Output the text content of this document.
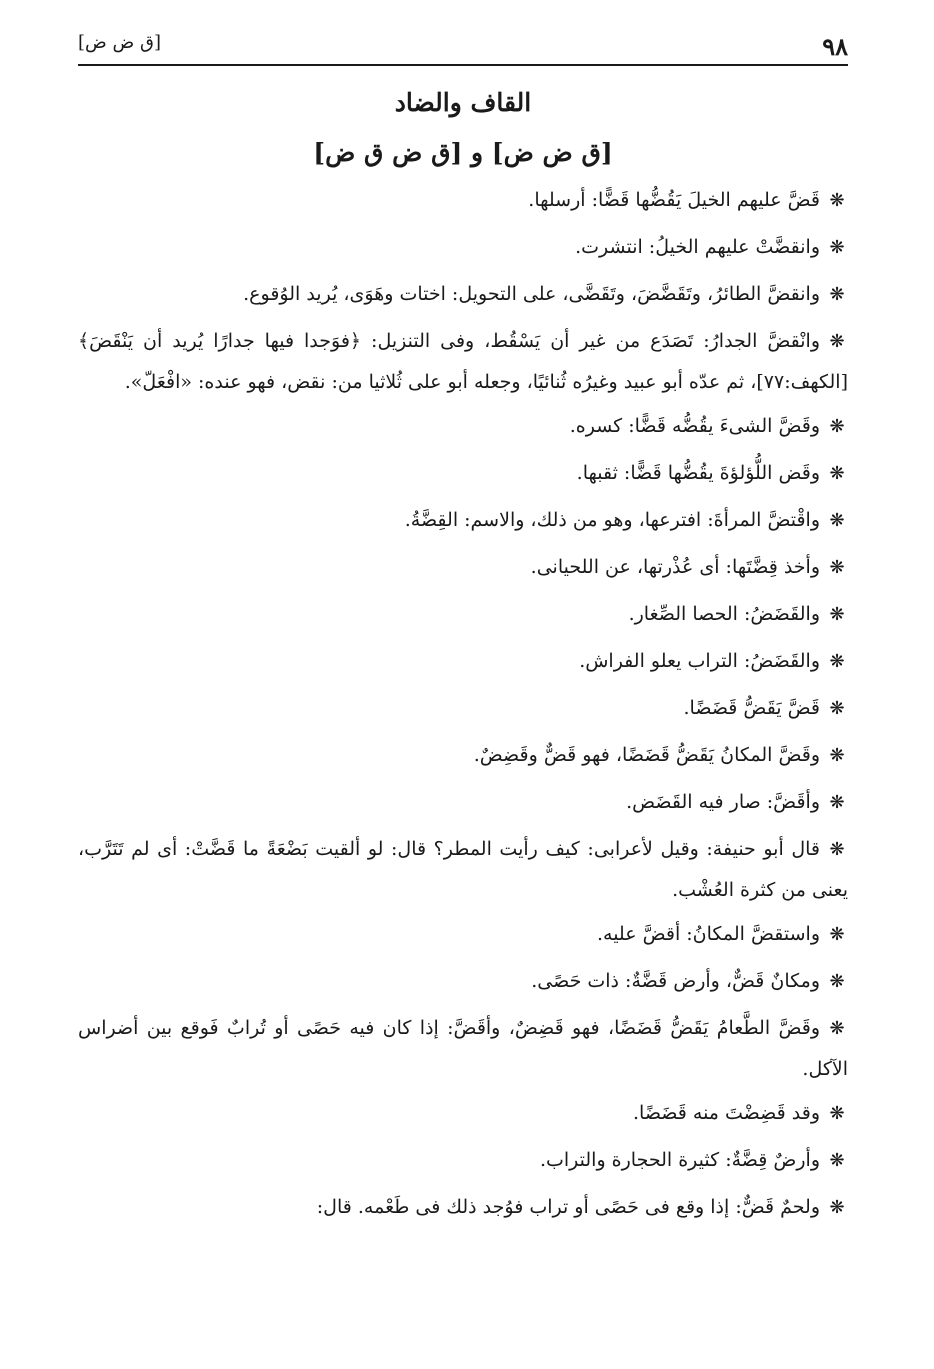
٩٨
[ق ض ض]
القاف والضاد
[ق ض ض] و [ق ض ق ض]

❋قَضَّ عليهم الخيلَ يَقُضُّها قَضًّا: أرسلها.

❋وانقضَّتْ عليهم الخيلُ: انتشرت.

❋وانقضَّ الطائرُ، وتَقَضَّضَ، وتَقَضَّى، على التحويل: اختات وهَوَى، يُريد الوُقوع.

❋وانْقضَّ الجدارُ: تَصَدَع من غير أن يَسْقُط، وفى التنزيل: ﴿فوَجدا فيها جدارًا يُريد أن يَنْقَضَ﴾ [الكهف:٧٧]، ثم عدّه أبو عبيد وغيرُه ثُنائيًا، وجعله أبو على ثُلاثيا من: نقض، فهو عنده: «افْعَلّ».

❋وقَضَّ الشىءَ يقُضُّه قَضًّا: كسره.

❋وقَض اللُّؤلؤةَ يقُضُّها قَضًّا: ثقبها.

❋واقْتضَّ المرأةَ: افترعها، وهو من ذلك، والاسم: القِضَّةُ.

❋وأخذ قِضَّتَها: أى عُذْرتها، عن اللحيانى.

❋والقَضَضُ: الحصا الصِّغار.

❋والقَضَضُ: التراب يعلو الفراش.

❋قَضَّ يَقَضُّ قَضَضًا.

❋وقَضَّ المكانُ يَقَضُّ قَضَضًا، فهو قَضٌّ وقَضِضٌ.

❋وأقَضَّ: صار فيه القَضَض.

❋قال أبو حنيفة: وقيل لأعرابى: كيف رأيت المطر؟ قال: لو ألقيت بَضْعَةً ما قَضَّتْ: أى لم تَتَرَّب، يعنى من كثرة العُشْب.

❋واستقضَّ المكانُ: أقضَّ عليه.

❋ومكانٌ قَضٌّ، وأرض قَضَّةٌ: ذات حَصًى.

❋وقَضَّ الطَّعامُ يَقَضُّ قَضَضًا، فهو قَضِضٌ، وأقَضَّ: إذا كان فيه حَصًى أو تُرابٌ فَوقع بين أضراس الآكل.

❋وقد قَضِضْتَ منه قَضَضًا.

❋وأرضٌ قِضَّةٌ: كثيرة الحجارة والتراب.

❋ولحمٌ قَضٌّ: إذا وقع فى حَصًى أو تراب فوُجد ذلك فى طَعْمه. قال:
